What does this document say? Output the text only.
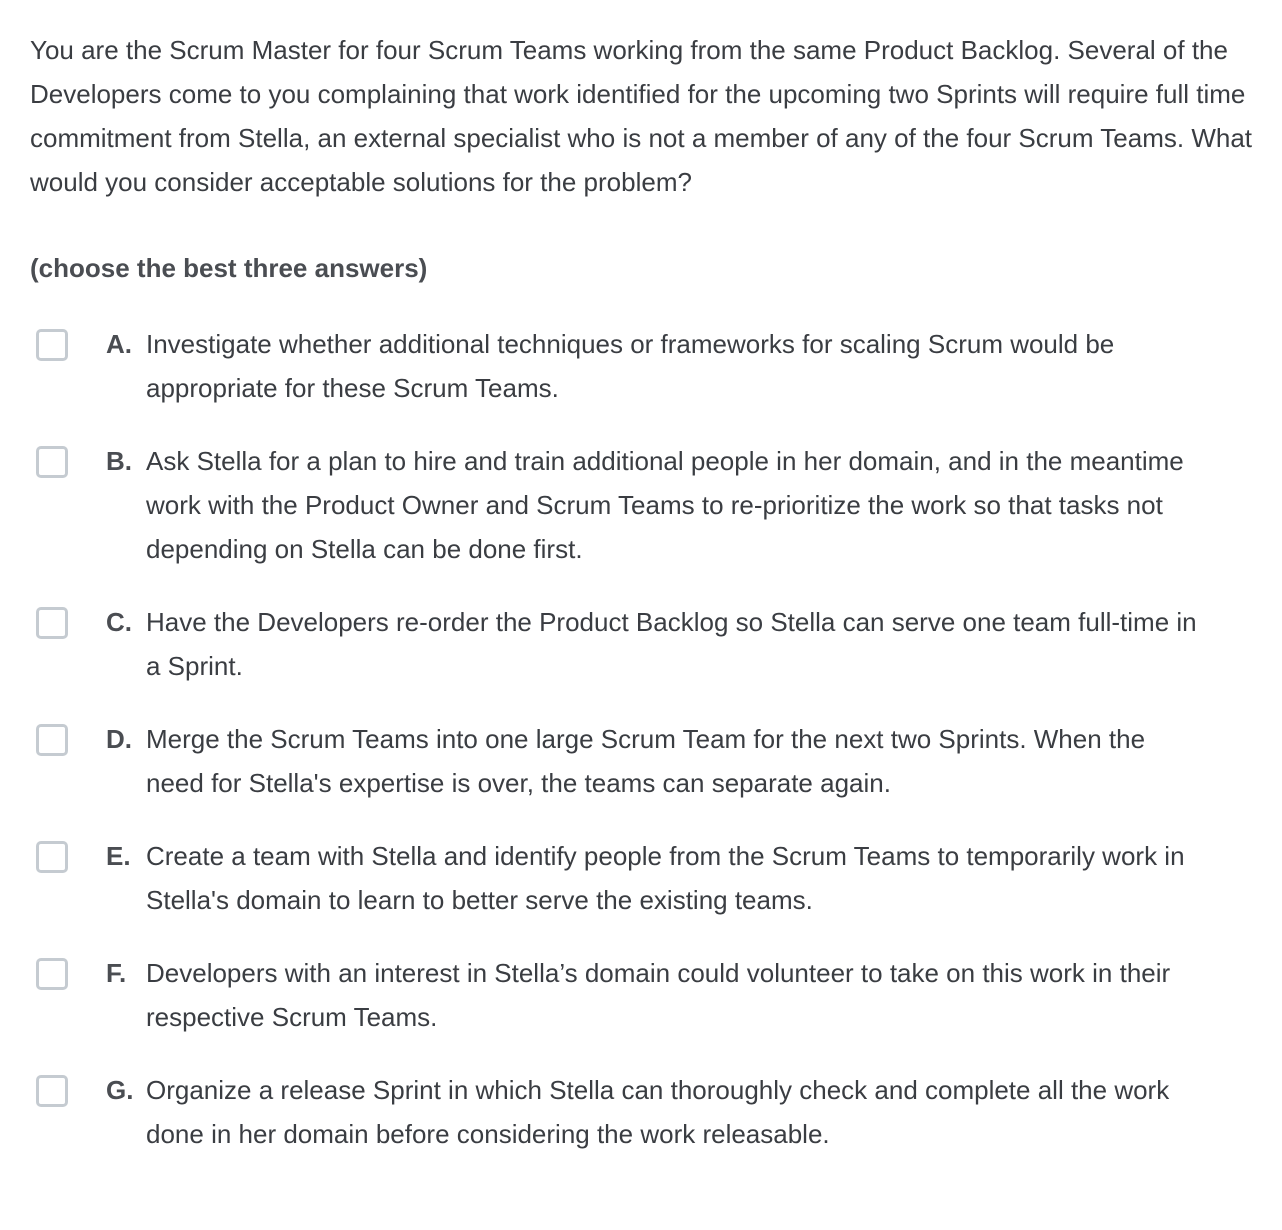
You are the Scrum Master for four Scrum Teams working from the same Product Backlog. Several of the Developers come to you complaining that work identified for the upcoming two Sprints will require full time commitment from Stella, an external specialist who is not a member of any of the four Scrum Teams. What would you consider acceptable solutions for the problem?

(choose the best three answers)
A. Investigate whether additional techniques or frameworks for scaling Scrum would be appropriate for these Scrum Teams.
B. Ask Stella for a plan to hire and train additional people in her domain, and in the meantime work with the Product Owner and Scrum Teams to re-prioritize the work so that tasks not depending on Stella can be done first.
C. Have the Developers re-order the Product Backlog so Stella can serve one team full-time in a Sprint.
D. Merge the Scrum Teams into one large Scrum Team for the next two Sprints. When the need for Stella's expertise is over, the teams can separate again.
E. Create a team with Stella and identify people from the Scrum Teams to temporarily work in Stella's domain to learn to better serve the existing teams.
F. Developers with an interest in Stella’s domain could volunteer to take on this work in their respective Scrum Teams.
G. Organize a release Sprint in which Stella can thoroughly check and complete all the work done in her domain before considering the work releasable.
